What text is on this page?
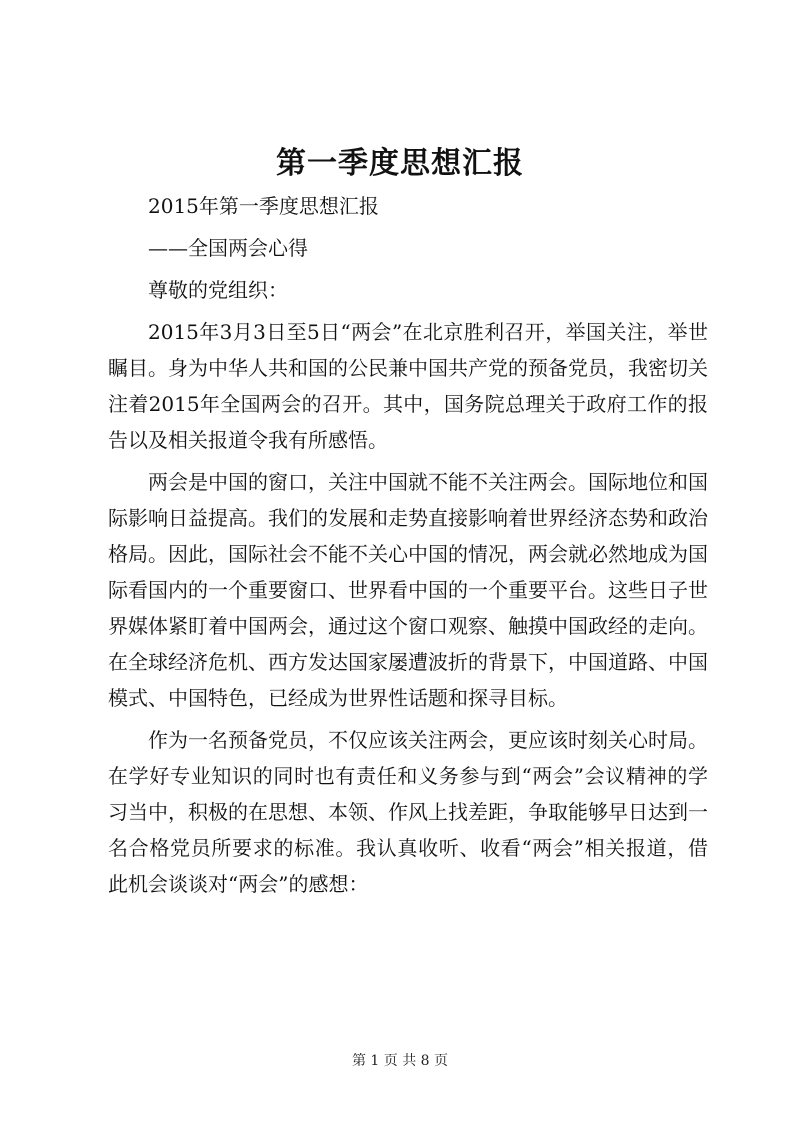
第一季度思想汇报

2015年第一季度思想汇报

——全国两会心得

尊敬的党组织：

2015年3月3日至5日“两会”在北京胜利召开，举国关注，举世瞩目。身为中华人共和国的公民兼中国共产党的预备党员，我密切关注着2015年全国两会的召开。其中，国务院总理关于政府工作的报告以及相关报道令我有所感悟。

两会是中国的窗口，关注中国就不能不关注两会。国际地位和国际影响日益提高。我们的发展和走势直接影响着世界经济态势和政治格局。因此，国际社会不能不关心中国的情况，两会就必然地成为国际看国内的一个重要窗口、世界看中国的一个重要平台。这些日子世界媒体紧盯着中国两会，通过这个窗口观察、触摸中国政经的走向。在全球经济危机、西方发达国家屡遭波折的背景下，中国道路、中国模式、中国特色，已经成为世界性话题和探寻目标。

作为一名预备党员，不仅应该关注两会，更应该时刻关心时局。在学好专业知识的同时也有责任和义务参与到“两会”会议精神的学习当中，积极的在思想、本领、作风上找差距，争取能够早日达到一名合格党员所要求的标准。我认真收听、收看“两会”相关报道，借此机会谈谈对“两会”的感想：

第 1 页 共 8 页
